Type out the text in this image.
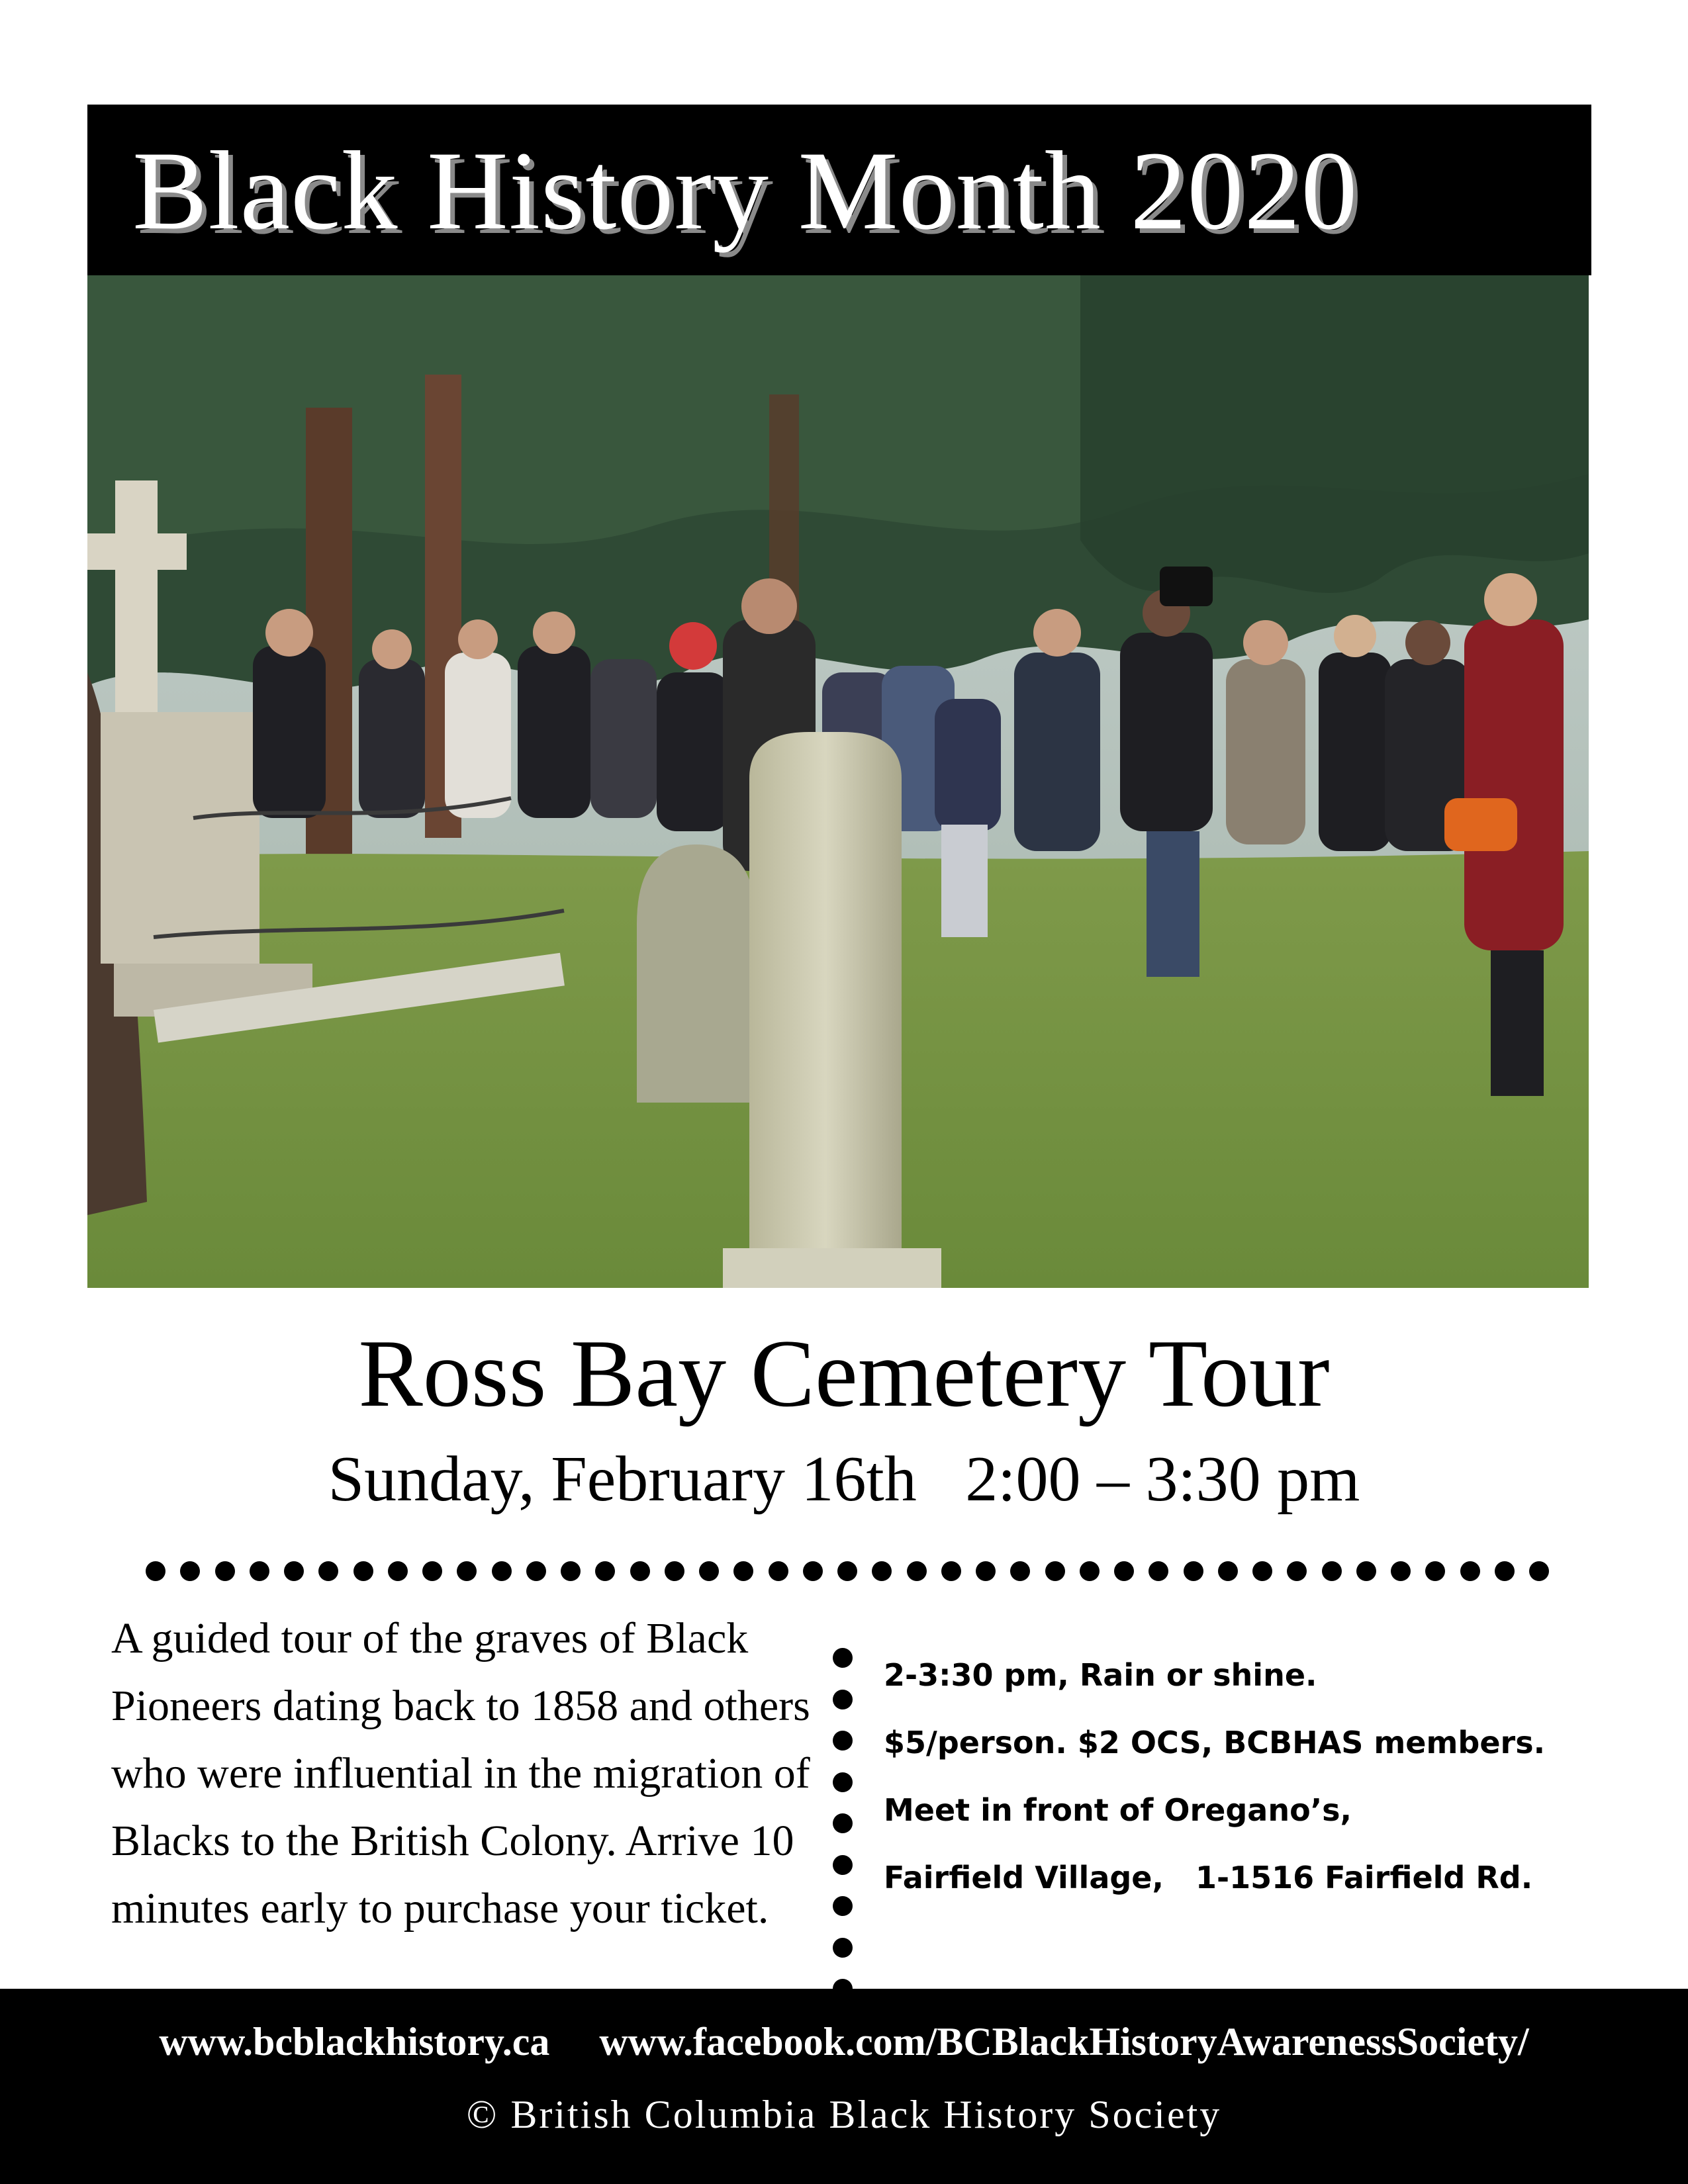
Black History Month 2020
Ross Bay Cemetery Tour
Sunday, February 16th   2:00 – 3:30 pm
A guided tour of the graves of Black Pioneers dating back to 1858 and others who were influential in the migration of Blacks to the British Colony. Arrive 10 minutes early to purchase your ticket.
2-3:30 pm, Rain or shine.
$5/person. $2 OCS, BCBHAS members.
Meet in front of Oregano’s,
Fairfield Village,   1-1516 Fairfield Rd.
www.bcblackhistory.ca www.facebook.com/BCBlackHistoryAwarenessSociety/
© British Columbia Black History Society
